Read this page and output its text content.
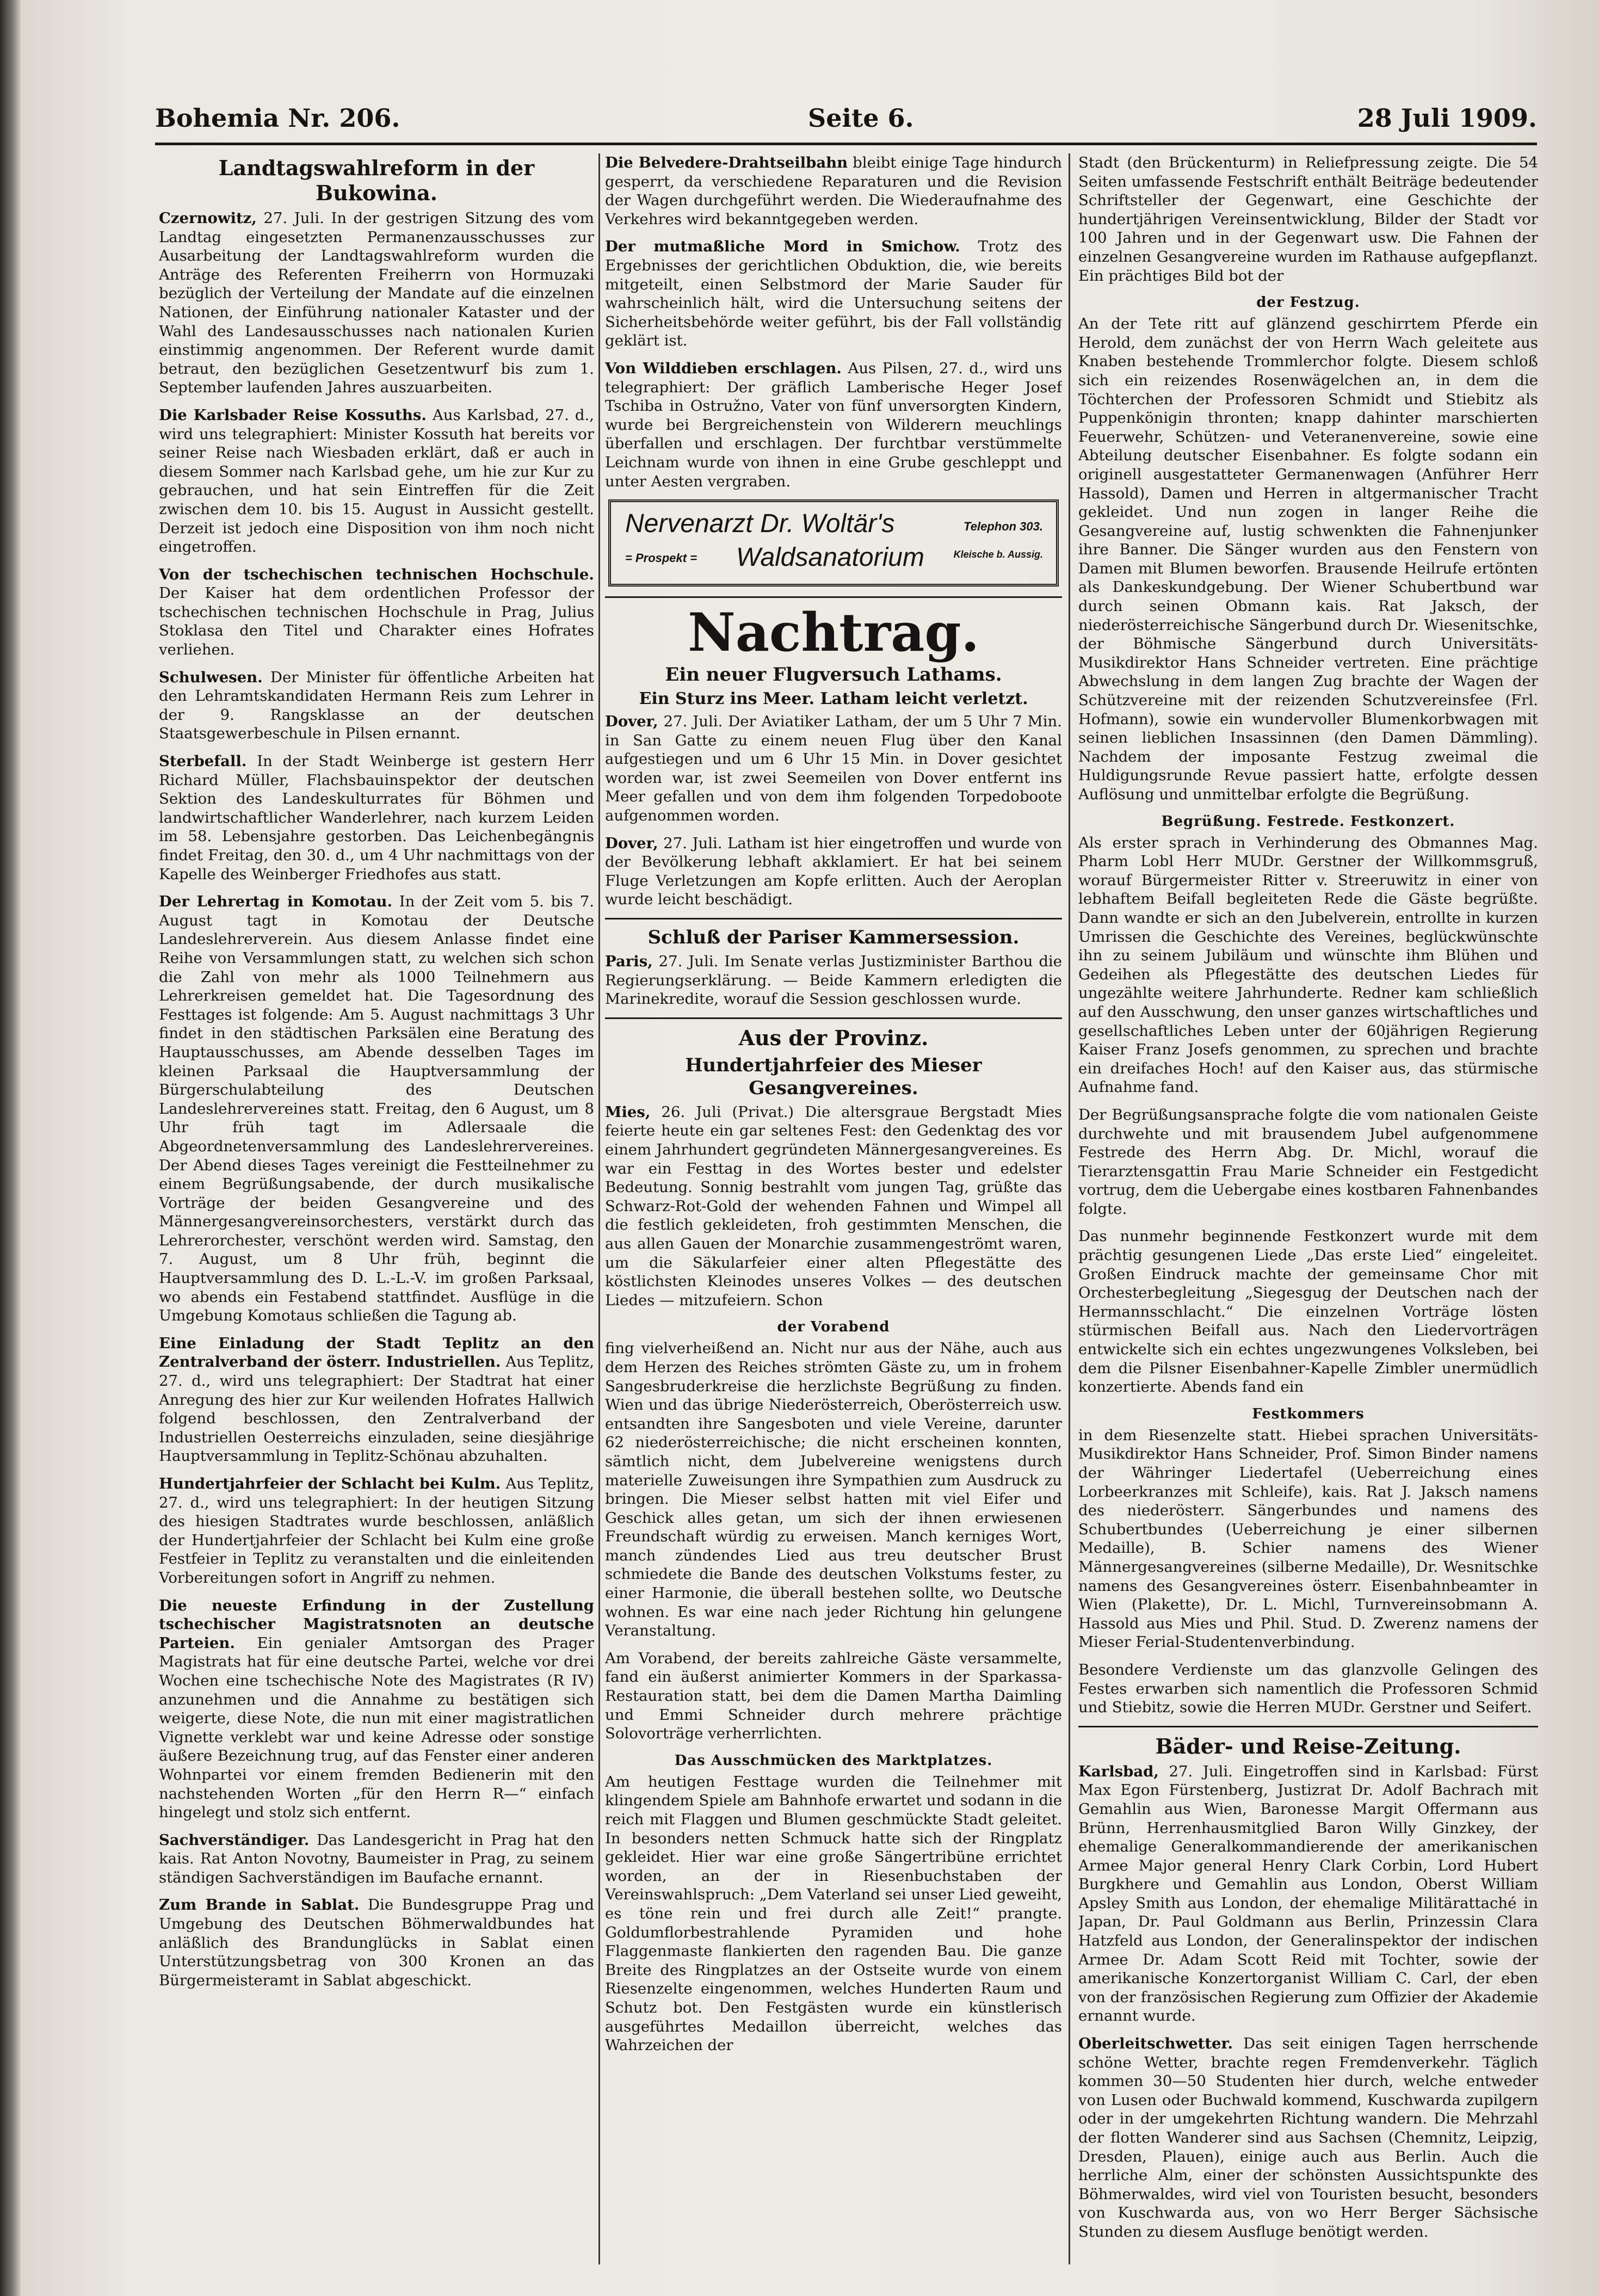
Bohemia Nr. 206.	Seite 6.	28 Juli 1909.
Landtagswahlreform in der Bukowina.
Czernowitz, 27. Juli. In der gestrigen Sitzung des vom Landtag eingesetzten Permanenzausschusses zur Ausarbeitung der Landtagswahlreform wurden die Anträge des Referenten Freiherrn von Hormuzaki bezüglich der Verteilung der Mandate auf die einzelnen Nationen, der Einführung nationaler Kataster und der Wahl des Landesausschusses nach nationalen Kurien einstimmig angenommen. Der Referent wurde damit betraut, den bezüglichen Gesetzentwurf bis zum 1. September laufenden Jahres auszuarbeiten.
Die Karlsbader Reise Kossuths. Aus Karlsbad, 27. d., wird uns telegraphiert: Minister Kossuth hat bereits vor seiner Reise nach Wiesbaden erklärt, daß er auch in diesem Sommer nach Karlsbad gehe, um hie zur Kur zu gebrauchen, und hat sein Eintreffen für die Zeit zwischen dem 10. bis 15. August in Aussicht gestellt. Derzeit ist jedoch eine Disposition von ihm noch nicht eingetroffen.
Von der tschechischen technischen Hochschule. Der Kaiser hat dem ordentlichen Professor der tschechischen technischen Hochschule in Prag, Julius Stoklasa den Titel und Charakter eines Hofrates verliehen.
Schulwesen. Der Minister für öffentliche Arbeiten hat den Lehramtskandidaten Hermann Reis zum Lehrer in der 9. Rangsklasse an der deutschen Staatsgewerbeschule in Pilsen ernannt.
Sterbefall. In der Stadt Weinberge ist gestern Herr Richard Müller, Flachsbauinspektor der deutschen Sektion des Landeskulturrates für Böhmen und landwirtschaftlicher Wanderlehrer, nach kurzem Leiden im 58. Lebensjahre gestorben. Das Leichenbegängnis findet Freitag, den 30. d., um 4 Uhr nachmittags von der Kapelle des Weinberger Friedhofes aus statt.
Der Lehrertag in Komotau. In der Zeit vom 5. bis 7. August tagt in Komotau der Deutsche Landeslehrerverein. Aus diesem Anlasse findet eine Reihe von Versammlungen statt, zu welchen sich schon die Zahl von mehr als 1000 Teilnehmern aus Lehrerkreisen gemeldet hat. Die Tagesordnung des Festtages ist folgende: Am 5. August nachmittags 3 Uhr findet in den städtischen Parksälen eine Beratung des Hauptausschusses, am Abende desselben Tages im kleinen Parksaal die Hauptversammlung der Bürgerschulabteilung des Deutschen Landeslehrervereines statt. Freitag, den 6 August, um 8 Uhr früh tagt im Adlersaale die Abgeordnetenversammlung des Landeslehrervereines. Der Abend dieses Tages vereinigt die Festteilnehmer zu einem Begrüßungsabende, der durch musikalische Vorträge der beiden Gesangvereine und des Männergesangvereinsorchesters, verstärkt durch das Lehrerorchester, verschönt werden wird. Samstag, den 7. August, um 8 Uhr früh, beginnt die Hauptversammlung des D. L.-L.-V. im großen Parksaal, wo abends ein Festabend stattfindet. Ausflüge in die Umgebung Komotaus schließen die Tagung ab.
Eine Einladung der Stadt Teplitz an den Zentralverband der österr. Industriellen. Aus Teplitz, 27. d., wird uns telegraphiert: Der Stadtrat hat einer Anregung des hier zur Kur weilenden Hofrates Hallwich folgend beschlossen, den Zentralverband der Industriellen Oesterreichs einzuladen, seine diesjährige Hauptversammlung in Teplitz-Schönau abzuhalten.
Hundertjahrfeier der Schlacht bei Kulm. Aus Teplitz, 27. d., wird uns telegraphiert: In der heutigen Sitzung des hiesigen Stadtrates wurde beschlossen, anläßlich der Hundertjahrfeier der Schlacht bei Kulm eine große Festfeier in Teplitz zu veranstalten und die einleitenden Vorbereitungen sofort in Angriff zu nehmen.
Die neueste Erfindung in der Zustellung tschechischer Magistratsnoten an deutsche Parteien. Ein genialer Amtsorgan des Prager Magistrats hat für eine deutsche Partei, welche vor drei Wochen eine tschechische Note des Magistrates (R IV) anzunehmen und die Annahme zu bestätigen sich weigerte, diese Note, die nun mit einer magistratlichen Vignette verklebt war und keine Adresse oder sonstige äußere Bezeichnung trug, auf das Fenster einer anderen Wohnpartei vor einem fremden Bedienerin mit den nachstehenden Worten „für den Herrn R—“ einfach hingelegt und stolz sich entfernt.
Sachverständiger. Das Landesgericht in Prag hat den kais. Rat Anton Novotny, Baumeister in Prag, zu seinem ständigen Sachverständigen im Baufache ernannt.
Zum Brande in Sablat. Die Bundesgruppe Prag und Umgebung des Deutschen Böhmerwaldbundes hat anläßlich des Brandunglücks in Sablat einen Unterstützungsbetrag von 300 Kronen an das Bürgermeisteramt in Sablat abgeschickt.
Die Belvedere-Drahtseilbahn bleibt einige Tage hindurch gesperrt, da verschiedene Reparaturen und die Revision der Wagen durchgeführt werden. Die Wiederaufnahme des Verkehres wird bekanntgegeben werden.
Der mutmaßliche Mord in Smichow. Trotz des Ergebnisses der gerichtlichen Obduktion, die, wie bereits mitgeteilt, einen Selbstmord der Marie Sauder für wahrscheinlich hält, wird die Untersuchung seitens der Sicherheitsbehörde weiter geführt, bis der Fall vollständig geklärt ist.
Von Wilddieben erschlagen. Aus Pilsen, 27. d., wird uns telegraphiert: Der gräflich Lamberische Heger Josef Tschiba in Ostružno, Vater von fünf unversorgten Kindern, wurde bei Bergreichenstein von Wilderern meuchlings überfallen und erschlagen. Der furchtbar verstümmelte Leichnam wurde von ihnen in eine Grube geschleppt und unter Aesten vergraben.
Nervenarzt Dr. Woltär's	Telephon 303.
= Prospekt = Waldsanatorium	Kleische b. Aussig.
Nachtrag.
Ein neuer Flugversuch Lathams.
Ein Sturz ins Meer. Latham leicht verletzt.
Dover, 27. Juli. Der Aviatiker Latham, der um 5 Uhr 7 Min. in San Gatte zu einem neuen Flug über den Kanal aufgestiegen und um 6 Uhr 15 Min. in Dover gesichtet worden war, ist zwei Seemeilen von Dover entfernt ins Meer gefallen und von dem ihm folgenden Torpedoboote aufgenommen worden.
Dover, 27. Juli. Latham ist hier eingetroffen und wurde von der Bevölkerung lebhaft akklamiert. Er hat bei seinem Fluge Verletzungen am Kopfe erlitten. Auch der Aeroplan wurde leicht beschädigt.
Schluß der Pariser Kammersession.
Paris, 27. Juli. Im Senate verlas Justizminister Barthou die Regierungserklärung. — Beide Kammern erledigten die Marinekredite, worauf die Session geschlossen wurde.
Aus der Provinz.
Hundertjahrfeier des Mieser Gesangvereines.
Mies, 26. Juli (Privat.) Die altersgraue Bergstadt Mies feierte heute ein gar seltenes Fest: den Gedenktag des vor einem Jahrhundert gegründeten Männergesangvereines. Es war ein Festtag in des Wortes bester und edelster Bedeutung. Sonnig bestrahlt vom jungen Tag, grüßte das Schwarz-Rot-Gold der wehenden Fahnen und Wimpel all die festlich gekleideten, froh gestimmten Menschen, die aus allen Gauen der Monarchie zusammengeströmt waren, um die Säkularfeier einer alten Pflegestätte des köstlichsten Kleinodes unseres Volkes — des deutschen Liedes — mitzufeiern. Schon
der Vorabend
fing vielverheißend an. Nicht nur aus der Nähe, auch aus dem Herzen des Reiches strömten Gäste zu, um in frohem Sangesbruderkreise die herzlichste Begrüßung zu finden. Wien und das übrige Niederösterreich, Oberösterreich usw. entsandten ihre Sangesboten und viele Vereine, darunter 62 niederösterreichische; die nicht erscheinen konnten, sämtlich nicht, dem Jubelvereine wenigstens durch materielle Zuweisungen ihre Sympathien zum Ausdruck zu bringen. Die Mieser selbst hatten mit viel Eifer und Geschick alles getan, um sich der ihnen erwiesenen Freundschaft würdig zu erweisen. Manch kerniges Wort, manch zündendes Lied aus treu deutscher Brust schmiedete die Bande des deutschen Volkstums fester, zu einer Harmonie, die überall bestehen sollte, wo Deutsche wohnen. Es war eine nach jeder Richtung hin gelungene Veranstaltung.
Am Vorabend, der bereits zahlreiche Gäste versammelte, fand ein äußerst animierter Kommers in der Sparkassa-Restauration statt, bei dem die Damen Martha Daimling und Emmi Schneider durch mehrere prächtige Solovorträge verherrlichten.
Das Ausschmücken des Marktplatzes.
Am heutigen Festtage wurden die Teilnehmer mit klingendem Spiele am Bahnhofe erwartet und sodann in die reich mit Flaggen und Blumen geschmückte Stadt geleitet. In besonders netten Schmuck hatte sich der Ringplatz gekleidet. Hier war eine große Sängertribüne errichtet worden, an der in Riesenbuchstaben der Vereinswahlspruch: „Dem Vaterland sei unser Lied geweiht, es töne rein und frei durch alle Zeit!“ prangte. Goldumflorbestrahlende Pyramiden und hohe Flaggenmaste flankierten den ragenden Bau. Die ganze Breite des Ringplatzes an der Ostseite wurde von einem Riesenzelte eingenommen, welches Hunderten Raum und Schutz bot. Den Festgästen wurde ein künstlerisch ausgeführtes Medaillon überreicht, welches das Wahrzeichen der
Stadt (den Brückenturm) in Reliefpressung zeigte. Die 54 Seiten umfassende Festschrift enthält Beiträge bedeutender Schriftsteller der Gegenwart, eine Geschichte der hundertjährigen Vereinsentwicklung, Bilder der Stadt vor 100 Jahren und in der Gegenwart usw. Die Fahnen der einzelnen Gesangvereine wurden im Rathause aufgepflanzt. Ein prächtiges Bild bot der
der Festzug.
An der Tete ritt auf glänzend geschirrtem Pferde ein Herold, dem zunächst der von Herrn Wach geleitete aus Knaben bestehende Trommlerchor folgte. Diesem schloß sich ein reizendes Rosenwägelchen an, in dem die Töchterchen der Professoren Schmidt und Stiebitz als Puppenkönigin thronten; knapp dahinter marschierten Feuerwehr, Schützen- und Veteranenvereine, sowie eine Abteilung deutscher Eisenbahner. Es folgte sodann ein originell ausgestatteter Germanenwagen (Anführer Herr Hassold), Damen und Herren in altgermanischer Tracht gekleidet. Und nun zogen in langer Reihe die Gesangvereine auf, lustig schwenkten die Fahnenjunker ihre Banner. Die Sänger wurden aus den Fenstern von Damen mit Blumen beworfen. Brausende Heilrufe ertönten als Dankeskundgebung. Der Wiener Schubertbund war durch seinen Obmann kais. Rat Jaksch, der niederösterreichische Sängerbund durch Dr. Wiesenitschke, der Böhmische Sängerbund durch Universitäts-Musikdirektor Hans Schneider vertreten. Eine prächtige Abwechslung in dem langen Zug brachte der Wagen der Schützvereine mit der reizenden Schutzvereinsfee (Frl. Hofmann), sowie ein wundervoller Blumenkorbwagen mit seinen lieblichen Insassinnen (den Damen Dämmling). Nachdem der imposante Festzug zweimal die Huldigungsrunde Revue passiert hatte, erfolgte dessen Auflösung und unmittelbar erfolgte die Begrüßung.
Begrüßung. Festrede. Festkonzert.
Als erster sprach in Verhinderung des Obmannes Mag. Pharm Lobl Herr MUDr. Gerstner der Willkommsgruß, worauf Bürgermeister Ritter v. Streeruwitz in einer von lebhaftem Beifall begleiteten Rede die Gäste begrüßte. Dann wandte er sich an den Jubelverein, entrollte in kurzen Umrissen die Geschichte des Vereines, beglückwünschte ihn zu seinem Jubiläum und wünschte ihm Blühen und Gedeihen als Pflegestätte des deutschen Liedes für ungezählte weitere Jahrhunderte. Redner kam schließlich auf den Ausschwung, den unser ganzes wirtschaftliches und gesellschaftliches Leben unter der 60jährigen Regierung Kaiser Franz Josefs genommen, zu sprechen und brachte ein dreifaches Hoch! auf den Kaiser aus, das stürmische Aufnahme fand.
Der Begrüßungsansprache folgte die vom nationalen Geiste durchwehte und mit brausendem Jubel aufgenommene Festrede des Herrn Abg. Dr. Michl, worauf die Tierarztensgattin Frau Marie Schneider ein Festgedicht vortrug, dem die Uebergabe eines kostbaren Fahnenbandes folgte.
Das nunmehr beginnende Festkonzert wurde mit dem prächtig gesungenen Liede „Das erste Lied“ eingeleitet. Großen Eindruck machte der gemeinsame Chor mit Orchesterbegleitung „Siegesgug der Deutschen nach der Hermannsschlacht.“ Die einzelnen Vorträge lösten stürmischen Beifall aus. Nach den Liedervorträgen entwickelte sich ein echtes ungezwungenes Volksleben, bei dem die Pilsner Eisenbahner-Kapelle Zimbler unermüdlich konzertierte. Abends fand ein
Festkommers
in dem Riesenzelte statt. Hiebei sprachen Universitäts-Musikdirektor Hans Schneider, Prof. Simon Binder namens der Währinger Liedertafel (Ueberreichung eines Lorbeerkranzes mit Schleife), kais. Rat J. Jaksch namens des niederösterr. Sängerbundes und namens des Schubertbundes (Ueberreichung je einer silbernen Medaille), B. Schier namens des Wiener Männergesangvereines (silberne Medaille), Dr. Wesnitschke namens des Gesangvereines österr. Eisenbahnbeamter in Wien (Plakette), Dr. L. Michl, Turnvereinsobmann A. Hassold aus Mies und Phil. Stud. D. Zwerenz namens der Mieser Ferial-Studentenverbindung.
Besondere Verdienste um das glanzvolle Gelingen des Festes erwarben sich namentlich die Professoren Schmid und Stiebitz, sowie die Herren MUDr. Gerstner und Seifert.
Bäder- und Reise-Zeitung.
Karlsbad, 27. Juli. Eingetroffen sind in Karlsbad: Fürst Max Egon Fürstenberg, Justizrat Dr. Adolf Bachrach mit Gemahlin aus Wien, Baronesse Margit Offermann aus Brünn, Herrenhausmitglied Baron Willy Ginzkey, der ehemalige Generalkommandierende der amerikanischen Armee Major general Henry Clark Corbin, Lord Hubert Burgkhere und Gemahlin aus London, Oberst William Apsley Smith aus London, der ehemalige Militärattaché in Japan, Dr. Paul Goldmann aus Berlin, Prinzessin Clara Hatzfeld aus London, der Generalinspektor der indischen Armee Dr. Adam Scott Reid mit Tochter, sowie der amerikanische Konzertorganist William C. Carl, der eben von der französischen Regierung zum Offizier der Akademie ernannt wurde.
Oberleitschwetter. Das seit einigen Tagen herrschende schöne Wetter, brachte regen Fremdenverkehr. Täglich kommen 30—50 Studenten hier durch, welche entweder von Lusen oder Buchwald kommend, Kuschwarda zupilgern oder in der umgekehrten Richtung wandern. Die Mehrzahl der flotten Wanderer sind aus Sachsen (Chemnitz, Leipzig, Dresden, Plauen), einige auch aus Berlin. Auch die herrliche Alm, einer der schönsten Aussichtspunkte des Böhmerwaldes, wird viel von Touristen besucht, besonders von Kuschwarda aus, von wo Herr Berger Sächsische Stunden zu diesem Ausfluge benötigt werden.
